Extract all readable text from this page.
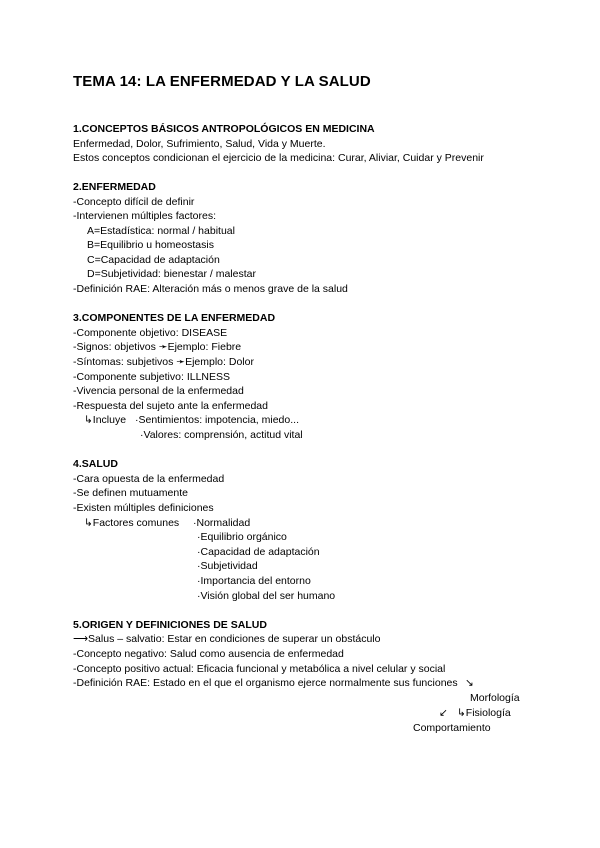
TEMA 14: LA ENFERMEDAD Y LA SALUD
1.CONCEPTOS BÁSICOS ANTROPOLÓGICOS EN MEDICINA
Enfermedad, Dolor, Sufrimiento, Salud, Vida y Muerte.
Estos conceptos condicionan el ejercicio de la medicina: Curar, Aliviar, Cuidar y Prevenir
2.ENFERMEDAD
-Concepto difícil de definir
-Intervienen múltiples factores:
A=Estadística: normal / habitual
B=Equilibrio u homeostasis
C=Capacidad de adaptación
D=Subjetividad: bienestar / malestar
-Definición RAE: Alteración más o menos grave de la salud
3.COMPONENTES DE LA ENFERMEDAD
-Componente objetivo: DISEASE
-Signos: objetivos ➛Ejemplo: Fiebre
-Síntomas: subjetivos ➛Ejemplo: Dolor
-Componente subjetivo: ILLNESS
-Vivencia personal de la enfermedad
-Respuesta del sujeto ante la enfermedad
↳Incluye ·Sentimientos: impotencia, miedo...
·Valores: comprensión, actitud vital
4.SALUD
-Cara opuesta de la enfermedad
-Se definen mutuamente
-Existen múltiples definiciones
↳Factores comunes ·Normalidad
·Equilibrio orgánico
·Capacidad de adaptación
·Subjetividad
·Importancia del entorno
·Visión global del ser humano
5.ORIGEN Y DEFINICIONES DE SALUD
⟶Salus – salvatio: Estar en condiciones de superar un obstáculo
-Concepto negativo: Salud como ausencia de enfermedad
-Concepto positivo actual: Eficacia funcional y metabólica a nivel celular y social
-Definición RAE: Estado en el que el organismo ejerce normalmente sus funciones ↘
Morfología
↙ ↳Fisiología
Comportamiento
